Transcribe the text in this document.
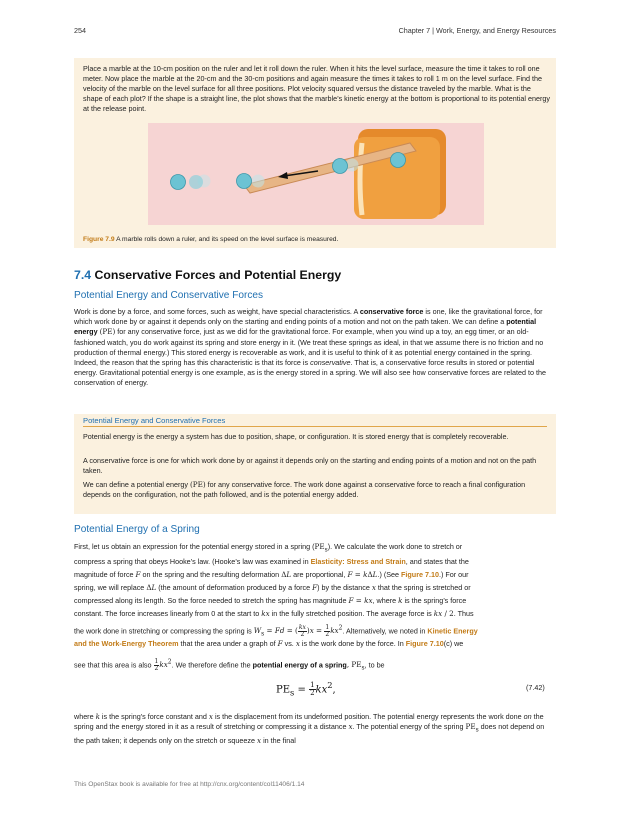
254	Chapter 7 | Work, Energy, and Energy Resources
Place a marble at the 10-cm position on the ruler and let it roll down the ruler. When it hits the level surface, measure the time it takes to roll one meter. Now place the marble at the 20-cm and the 30-cm positions and again measure the times it takes to roll 1 m on the level surface. Find the velocity of the marble on the level surface for all three positions. Plot velocity squared versus the distance traveled by the marble. What is the shape of each plot? If the shape is a straight line, the plot shows that the marble’s kinetic energy at the bottom is proportional to its potential energy at the release point.
Figure 7.9 A marble rolls down a ruler, and its speed on the level surface is measured.
7.4 Conservative Forces and Potential Energy
Potential Energy and Conservative Forces
Work is done by a force, and some forces, such as weight, have special characteristics. A conservative force is one, like the gravitational force, for which work done by or against it depends only on the starting and ending points of a motion and not on the path taken. We can define a potential energy (PE) for any conservative force, just as we did for the gravitational force. For example, when you wind up a toy, an egg timer, or an old-fashioned watch, you do work against its spring and store energy in it. (We treat these springs as ideal, in that we assume there is no friction and no production of thermal energy.) This stored energy is recoverable as work, and it is useful to think of it as potential energy contained in the spring. Indeed, the reason that the spring has this characteristic is that its force is conservative. That is, a conservative force results in stored or potential energy. Gravitational potential energy is one example, as is the energy stored in a spring. We will also see how conservative forces are related to the conservation of energy.
Potential Energy and Conservative Forces
Potential energy is the energy a system has due to position, shape, or configuration. It is stored energy that is completely recoverable.
A conservative force is one for which work done by or against it depends only on the starting and ending points of a motion and not on the path taken.
We can define a potential energy (PE) for any conservative force. The work done against a conservative force to reach a final configuration depends on the configuration, not the path followed, and is the potential energy added.
Potential Energy of a Spring
First, let us obtain an expression for the potential energy stored in a spring $(PE_s)$. We calculate the work done to stretch or
compress a spring that obeys Hooke’s law. (Hooke’s law was examined in Elasticity: Stress and Strain, and states that the
magnitude of force F on the spring and the resulting deformation ΔL are proportional, F = kΔL.) (See Figure 7.10.) For our
spring, we will replace ΔL (the amount of deformation produced by a force F) by the distance x that the spring is stretched or
compressed along its length. So the force needed to stretch the spring has magnitude F = kx, where k is the spring’s force
constant. The force increases linearly from 0 at the start to kx in the fully stretched position. The average force is kx / 2. Thus
the work done in stretching or compressing the spring is $W_s = Fd$ = ( $\frac{kx}{2} )x = \frac{1}{2} kx^2$. Alternatively, we noted in Kinetic Energy
and the Work-Energy Theorem that the area under a graph of F vs. x is the work done by the force. In Figure 7.10(c) we
see that this area is also $\frac{1}{2} kx^2$. We therefore define the potential energy of a spring, $PE_s$, to be
$PE_s = \frac{1}{2} kx^2$,	(7.42)
where k is the spring’s force constant and x is the displacement from its undeformed position. The potential energy represents the work done on the spring and the energy stored in it as a result of stretching or compressing it a distance x. The potential energy of the spring $PE_s$ does not depend on the path taken; it depends only on the stretch or squeeze x in the final
This OpenStax book is available for free at http://cnx.org/content/col11406/1.14
